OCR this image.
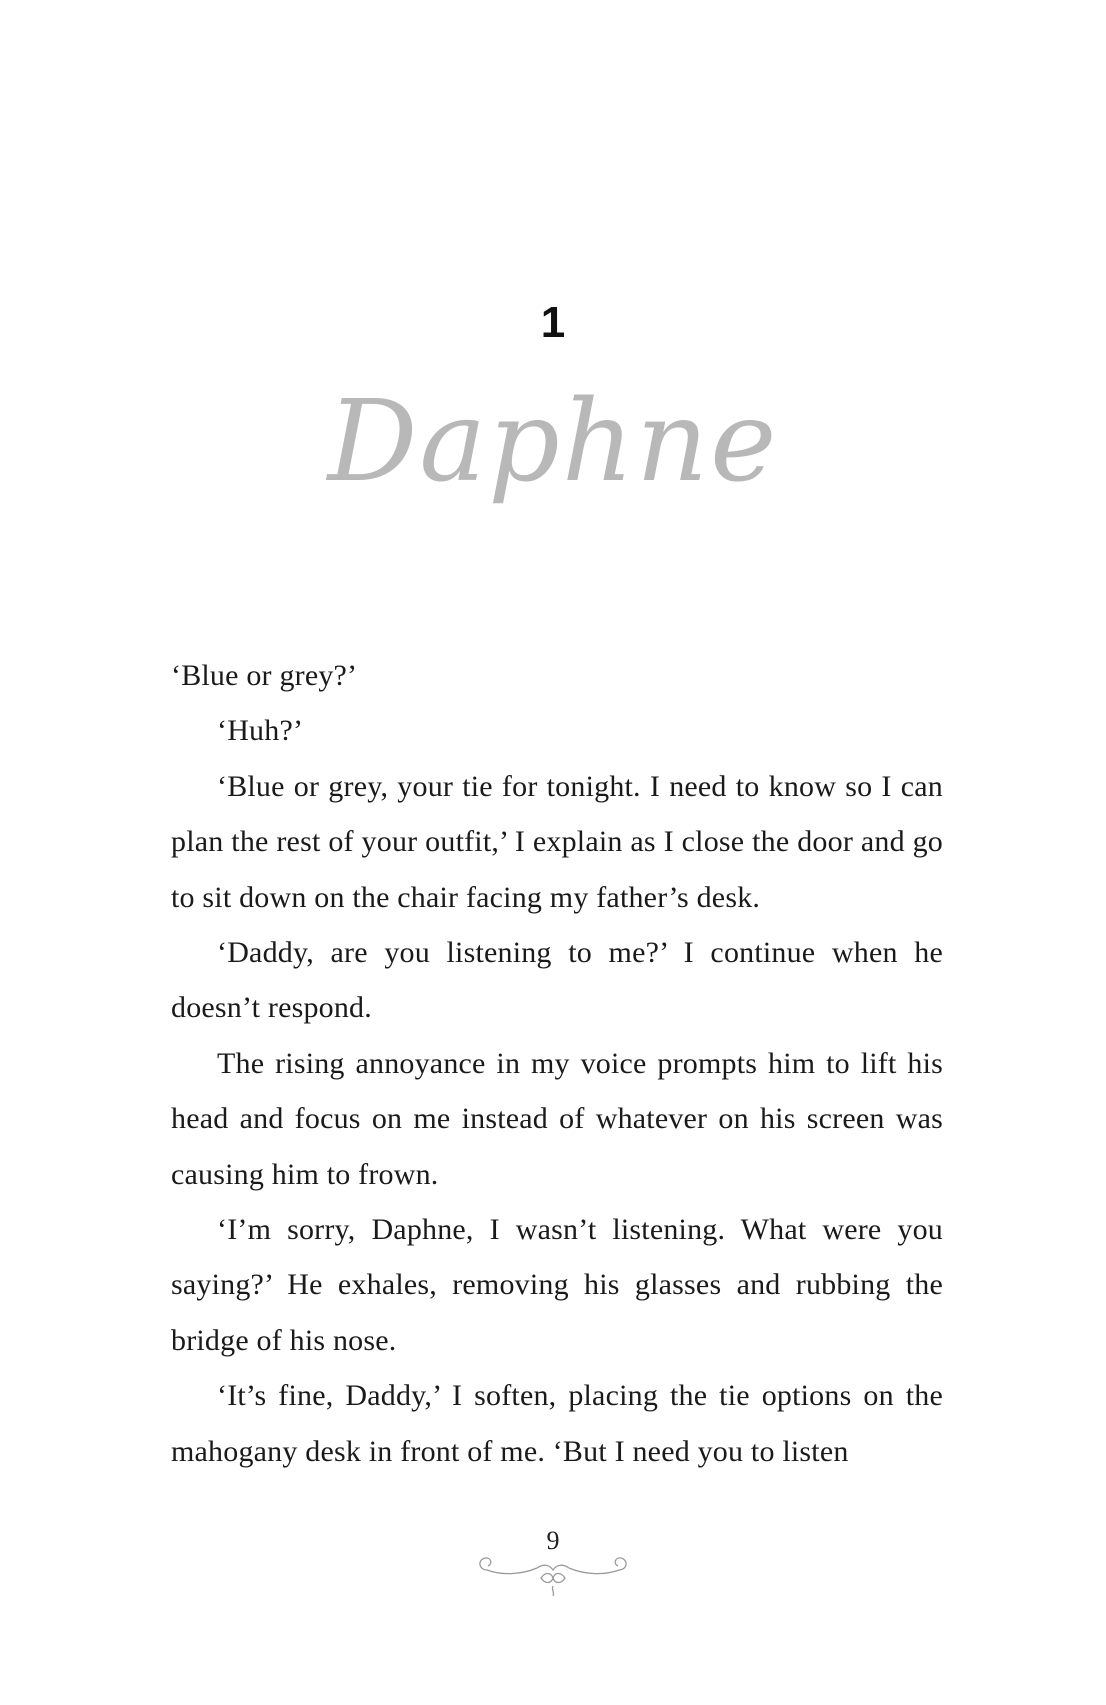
1
Daphne

‘Blue or grey?’

‘Huh?’

‘Blue or grey, your tie for tonight. I need to know so I can plan the rest of your outfit,’ I explain as I close the door and go to sit down on the chair facing my father’s desk.

‘Daddy, are you listening to me?’ I continue when he doesn’t respond.

The rising annoyance in my voice prompts him to lift his head and focus on me instead of whatever on his screen was causing him to frown.

‘I’m sorry, Daphne, I wasn’t listening. What were you saying?’ He exhales, removing his glasses and rubbing the bridge of his nose.

‘It’s fine, Daddy,’ I soften, placing the tie options on the mahogany desk in front of me. ‘But I need you to listen

9
